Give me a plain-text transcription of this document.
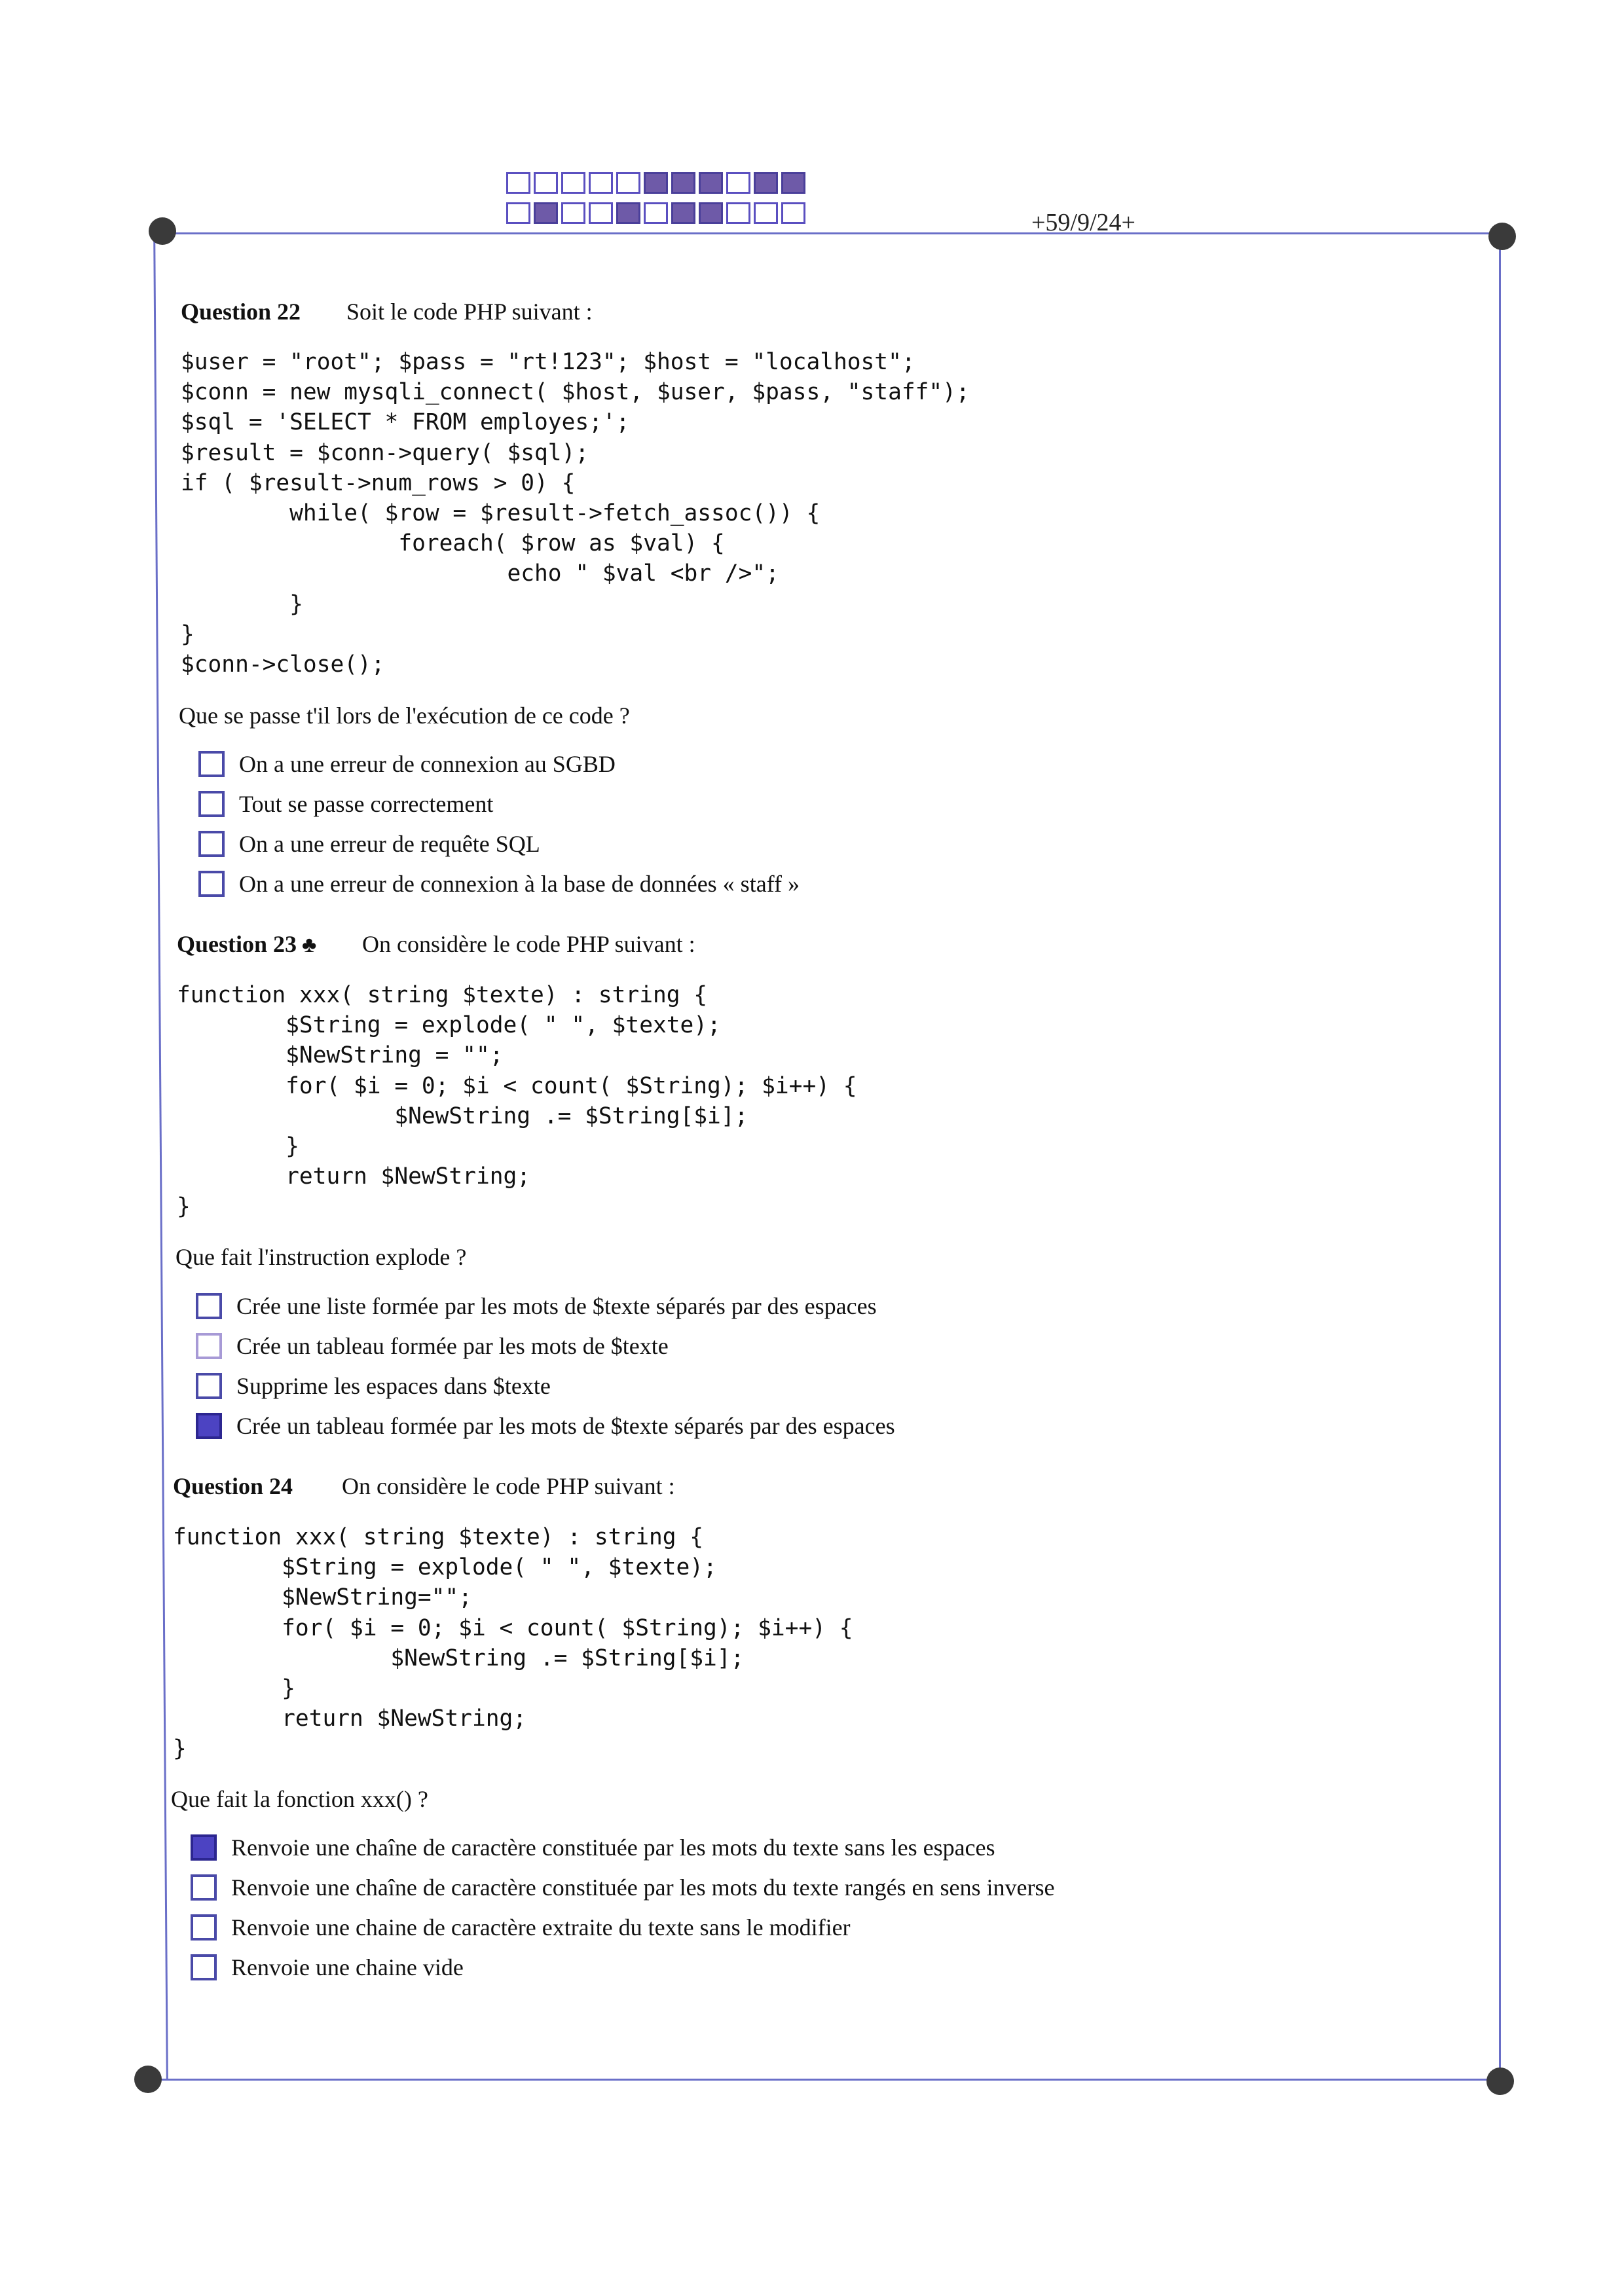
+59/9/24+
Question 22 Soit le code PHP suivant :
$user = "root"; $pass = "rt!123"; $host = "localhost";
$conn = new mysqli_connect( $host, $user, $pass, "staff");
$sql = 'SELECT * FROM employes;';
$result = $conn->query( $sql);
if ( $result->num_rows > 0) {
while( $row = $result->fetch_assoc()) {
foreach( $row as $val) {
echo " $val <br />";
}
}
$conn->close();
Que se passe t'il lors de l'exécution de ce code ?
On a une erreur de connexion au SGBD
Tout se passe correctement
On a une erreur de requête SQL
On a une erreur de connexion à la base de données « staff »
Question 23 ♣ On considère le code PHP suivant :
function xxx( string $texte) : string {
$String = explode( " ", $texte);
$NewString = "";
for( $i = 0; $i < count( $String); $i++) {
$NewString .= $String[$i];
}
return $NewString;
}
Que fait l'instruction explode ?
Crée une liste formée par les mots de $texte séparés par des espaces
Crée un tableau formée par les mots de $texte
Supprime les espaces dans $texte
Crée un tableau formée par les mots de $texte séparés par des espaces
Question 24 On considère le code PHP suivant :
function xxx( string $texte) : string {
$String = explode( " ", $texte);
$NewString="";
for( $i = 0; $i < count( $String); $i++) {
$NewString .= $String[$i];
}
return $NewString;
}
Que fait la fonction xxx() ?
Renvoie une chaîne de caractère constituée par les mots du texte sans les espaces
Renvoie une chaîne de caractère constituée par les mots du texte rangés en sens inverse
Renvoie une chaine de caractère extraite du texte sans le modifier
Renvoie une chaine vide
